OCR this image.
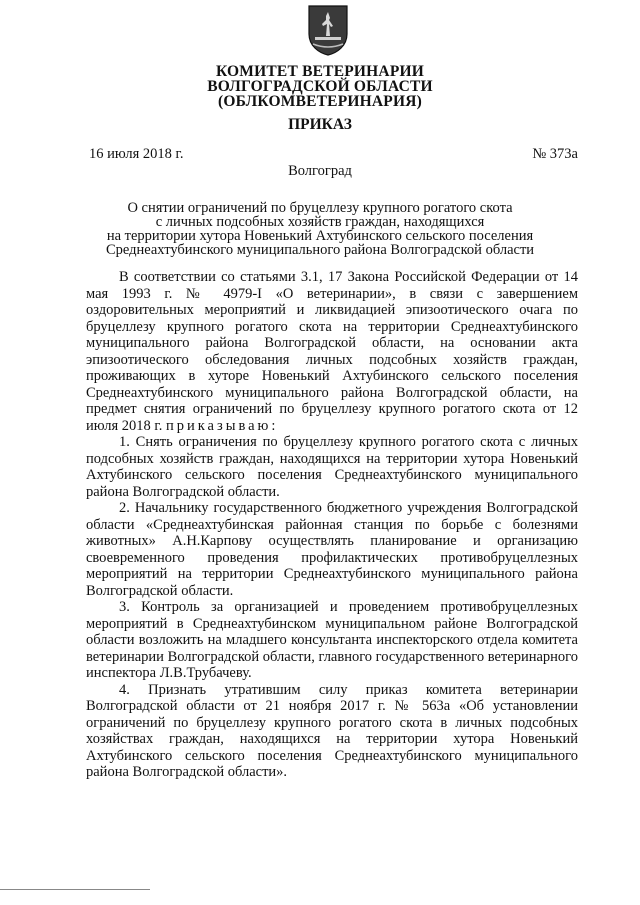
КОМИТЕТ ВЕТЕРИНАРИИ
ВОЛГОГРАДСКОЙ ОБЛАСТИ
(ОБЛКОМВЕТЕРИНАРИЯ)
ПРИКАЗ
16 июля 2018 г.	№ 373а
Волгоград
О снятии ограничений по бруцеллезу крупного рогатого скота
с личных подсобных хозяйств граждан, находящихся
на территории хутора Новенький Ахтубинского сельского поселения
Среднеахтубинского муниципального района Волгоградской области

В соответствии со статьями 3.1, 17 Закона Российской Федерации от 14 мая 1993 г. № 4979-I «О ветеринарии», в связи с завершением оздоровительных мероприятий и ликвидацией эпизоотического очага по бруцеллезу крупного рогатого скота на территории Среднеахтубинского муниципального района Волгоградской области, на основании акта эпизоотического обследования личных подсобных хозяйств граждан, проживающих в хуторе Новенький Ахтубинского сельского поселения Среднеахтубинского муниципального района Волгоградской области, на предмет снятия ограничений по бруцеллезу крупного рогатого скота от 12 июля 2018 г. приказываю:

1. Снять ограничения по бруцеллезу крупного рогатого скота с личных подсобных хозяйств граждан, находящихся на территории хутора Новенький Ахтубинского сельского поселения Среднеахтубинского муниципального района Волгоградской области.

2. Начальнику государственного бюджетного учреждения Волгоградской области «Среднеахтубинская районная станция по борьбе с болезнями животных» А.Н.Карпову осуществлять планирование и организацию своевременного проведения профилактических противобруцеллезных мероприятий на территории Среднеахтубинского муниципального района Волгоградской области.

3. Контроль за организацией и проведением противобруцеллезных мероприятий в Среднеахтубинском муниципальном районе Волгоградской области возложить на младшего консультанта инспекторского отдела комитета ветеринарии Волгоградской области, главного государственного ветеринарного инспектора Л.В.Трубачеву.

4. Признать утратившим силу приказ комитета ветеринарии Волгоградской области от 21 ноября 2017 г. № 563а «Об установлении ограничений по бруцеллезу крупного рогатого скота в личных подсобных хозяйствах граждан, находящихся на территории хутора Новенький Ахтубинского сельского поселения Среднеахтубинского муниципального района Волгоградской области».
